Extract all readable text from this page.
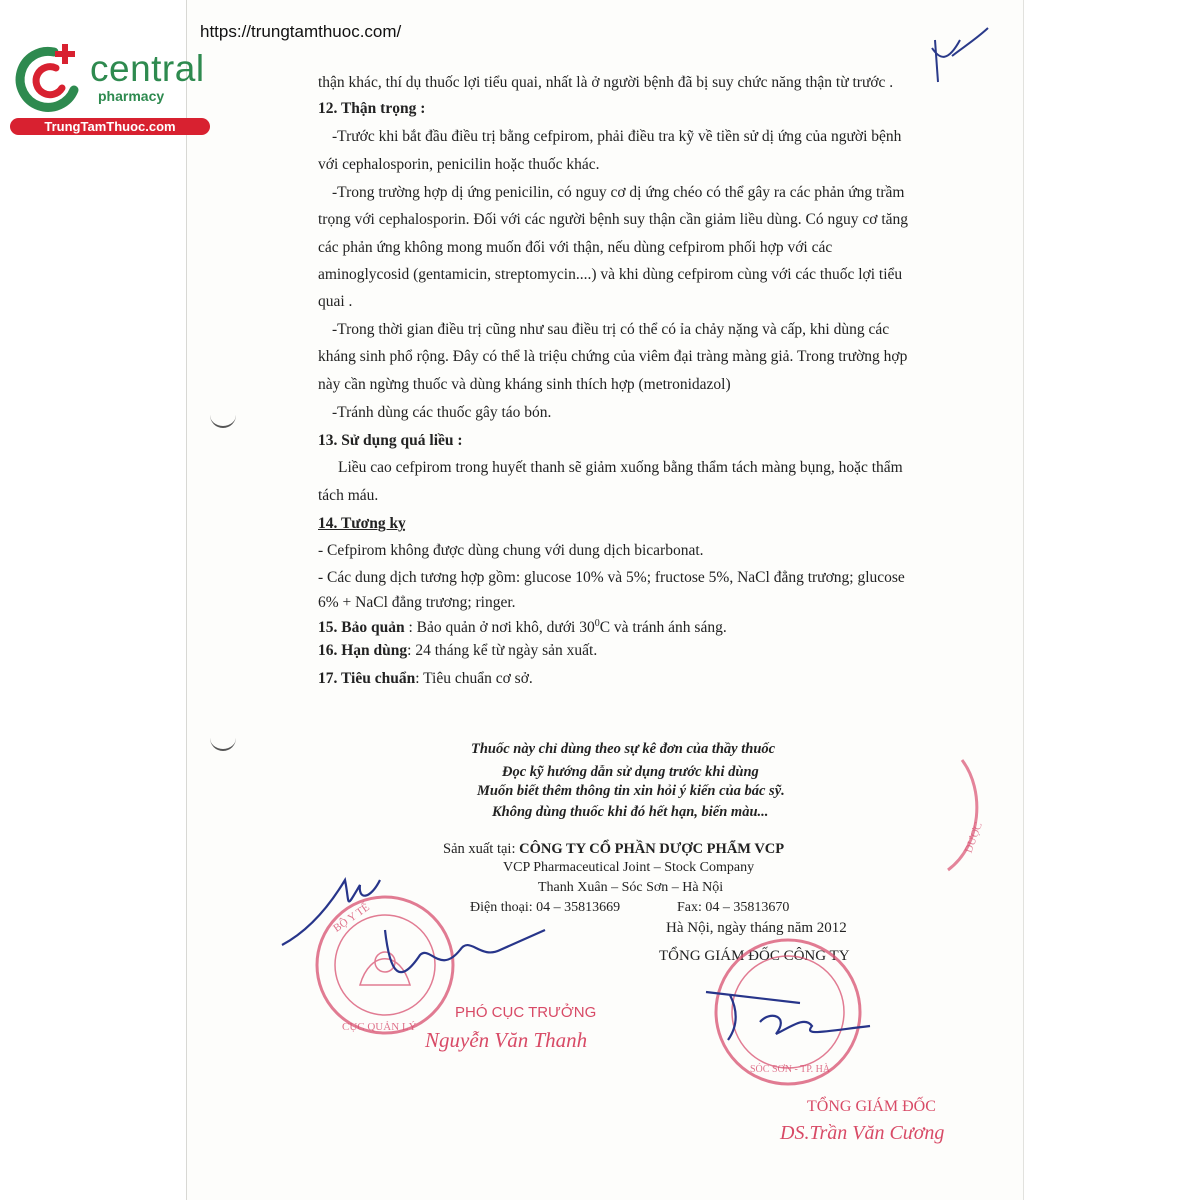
https://trungtamthuoc.com/
central
pharmacy
TrungTamThuoc.com
thận khác, thí dụ thuốc lợi tiểu quai, nhất là ở người bệnh đã bị suy chức năng thận từ trước .
12. Thận trọng :
-Trước khi bắt đầu điều trị bằng cefpirom, phải điều tra kỹ về tiền sử dị ứng của người bệnh
với cephalosporin, penicilin hoặc thuốc khác.
-Trong trường hợp dị ứng penicilin, có nguy cơ dị ứng chéo có thể gây ra các phản ứng trầm
trọng với cephalosporin. Đối với các người bệnh suy thận cần giảm liều dùng. Có nguy cơ tăng
các phản ứng không mong muốn đối với thận, nếu dùng cefpirom phối hợp với các
aminoglycosid (gentamicin, streptomycin....) và khi dùng cefpirom cùng với các thuốc lợi tiểu
quai .
-Trong thời gian điều trị cũng như sau điều trị có thể có ỉa chảy nặng và cấp, khi dùng các
kháng sinh phổ rộng. Đây có thể là triệu chứng của viêm đại tràng màng giả. Trong trường hợp
này cần ngừng thuốc và dùng kháng sinh thích hợp (metronidazol)
-Tránh dùng các thuốc gây táo bón.
13. Sử dụng quá liều :
Liều cao cefpirom trong huyết thanh sẽ giảm xuống bằng thẩm tách màng bụng, hoặc thẩm
tách máu.
14. Tương kỵ
- Cefpirom không được dùng chung với dung dịch bicarbonat.
- Các dung dịch tương hợp gồm: glucose 10% và 5%; fructose 5%, NaCl đẳng trương; glucose
6% + NaCl đẳng trương; ringer.
15. Bảo quản : Bảo quản ở nơi khô, dưới $30^0C$ và tránh ánh sáng.
16. Hạn dùng: 24 tháng kể từ ngày sản xuất.
17. Tiêu chuẩn: Tiêu chuẩn cơ sở.
Thuốc này chỉ dùng theo sự kê đơn của thầy thuốc
Đọc kỹ hướng dẫn sử dụng trước khi dùng
Muốn biết thêm thông tin xin hỏi ý kiến của bác sỹ.
Không dùng thuốc khi đó hết hạn, biến màu...
Sản xuất tại: CÔNG TY CỔ PHẦN DƯỢC PHẨM VCP
VCP Pharmaceutical Joint – Stock Company
Thanh Xuân – Sóc Sơn – Hà Nội
Điện thoại: 04 – 35813669	Fax: 04 – 35813670
Hà Nội, ngày tháng năm 2012
TỔNG GIÁM ĐỐC CÔNG TY
DƯỢC
BỘ Y TẾ
CỤC QUẢN LÝ
SÓC SƠN - TP. HÀ
PHÓ CỤC TRƯỞNG
Nguyễn Văn Thanh
TỔNG GIÁM ĐỐC
DS.Trần Văn Cương
